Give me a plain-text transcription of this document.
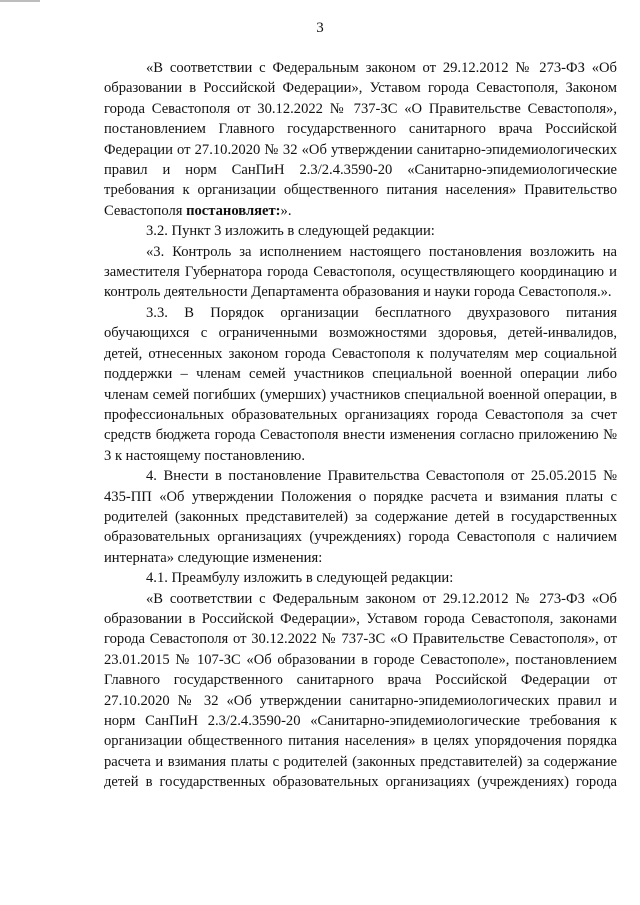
3

«В соответствии с Федеральным законом от 29.12.2012 № 273-ФЗ «Об образовании в Российской Федерации», Уставом города Севастополя, Законом города Севастополя от 30.12.2022 № 737-ЗС «О Правительстве Севастополя», постановлением Главного государственного санитарного врача Российской Федерации от 27.10.2020 № 32 «Об утверждении санитарно-эпидемиологических правил и норм СанПиН 2.3/2.4.3590-20 «Санитарно-эпидемиологические требования к организации общественного питания населения» Правительство Севастополя постановляет:».

3.2. Пункт 3 изложить в следующей редакции:

«3. Контроль за исполнением настоящего постановления возложить на заместителя Губернатора города Севастополя, осуществляющего координацию и контроль деятельности Департамента образования и науки города Севастополя.».

3.3. В Порядок организации бесплатного двухразового питания обучающихся с ограниченными возможностями здоровья, детей-инвалидов, детей, отнесенных законом города Севастополя к получателям мер социальной поддержки – членам семей участников специальной военной операции либо членам семей погибших (умерших) участников специальной военной операции, в профессиональных образовательных организациях города Севастополя за счет средств бюджета города Севастополя внести изменения согласно приложению № 3 к настоящему постановлению.

4. Внести в постановление Правительства Севастополя от 25.05.2015 № 435-ПП «Об утверждении Положения о порядке расчета и взимания платы с родителей (законных представителей) за содержание детей в государственных образовательных организациях (учреждениях) города Севастополя с наличием интерната» следующие изменения:

4.1. Преамбулу изложить в следующей редакции:

«В соответствии с Федеральным законом от 29.12.2012 № 273-ФЗ «Об образовании в Российской Федерации», Уставом города Севастополя, законами города Севастополя от 30.12.2022 № 737-ЗС «О Правительстве Севастополя», от 23.01.2015 № 107-ЗС «Об образовании в городе Севастополе», постановлением Главного государственного санитарного врача Российской Федерации от 27.10.2020 № 32 «Об утверждении санитарно-эпидемиологических правил и норм СанПиН 2.3/2.4.3590-20 «Санитарно-эпидемиологические требования к организации общественного питания населения» в целях упорядочения порядка расчета и взимания платы с родителей (законных представителей) за содержание детей в государственных образовательных организациях (учреждениях) города
